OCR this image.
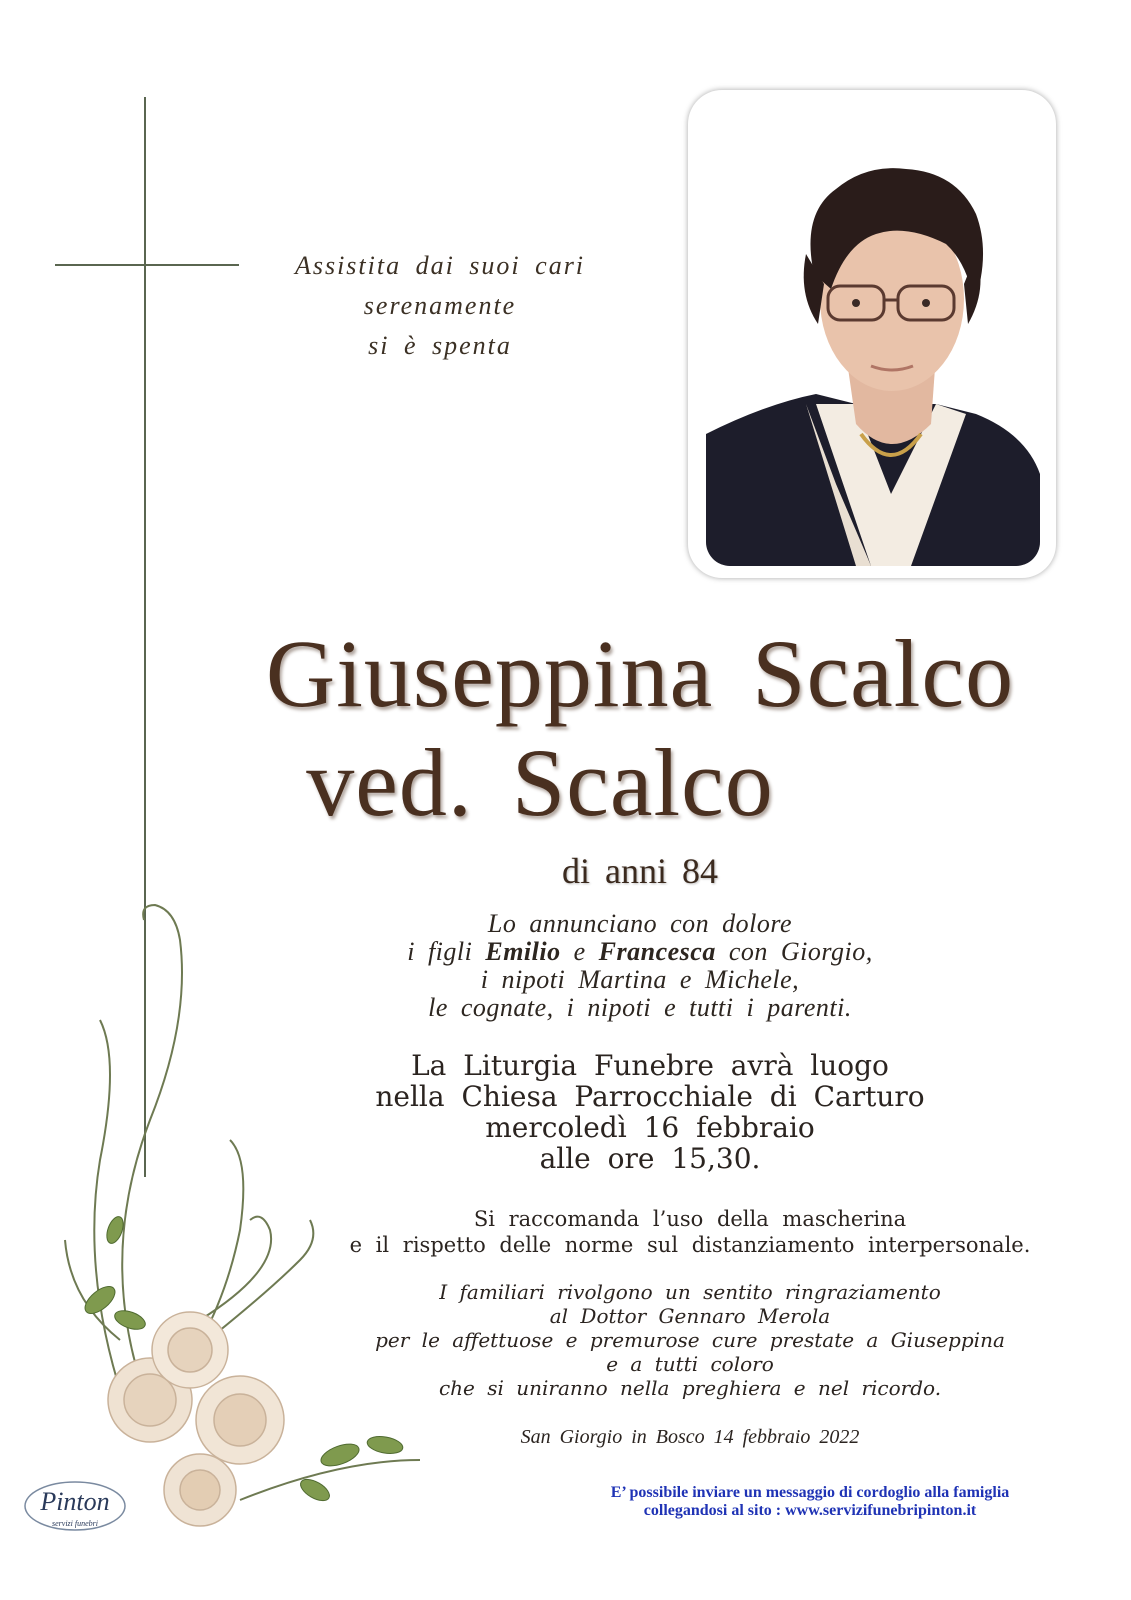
Assistita dai suoi cari
serenamente
si è spenta
Giuseppina Scalco
ved. Scalco
di anni 84
Lo annunciano con dolore
i figli Emilio e Francesca con Giorgio,
i nipoti Martina e Michele,
le cognate, i nipoti e tutti i parenti.
La Liturgia Funebre avrà luogo
nella Chiesa Parrocchiale di Carturo
mercoledì 16 febbraio
alle ore 15,30.
Si raccomanda l’uso della mascherina
e il rispetto delle norme sul distanziamento interpersonale.
I familiari rivolgono un sentito ringraziamento
al Dottor Gennaro Merola
per le affettuose e premurose cure prestate a Giuseppina
e a tutti coloro
che si uniranno nella preghiera e nel ricordo.
San Giorgio in Bosco 14 febbraio 2022
E’ possibile inviare un messaggio di cordoglio alla famiglia
collegandosi al sito : www.servizifunebripinton.it
Pinton
servizi funebri
